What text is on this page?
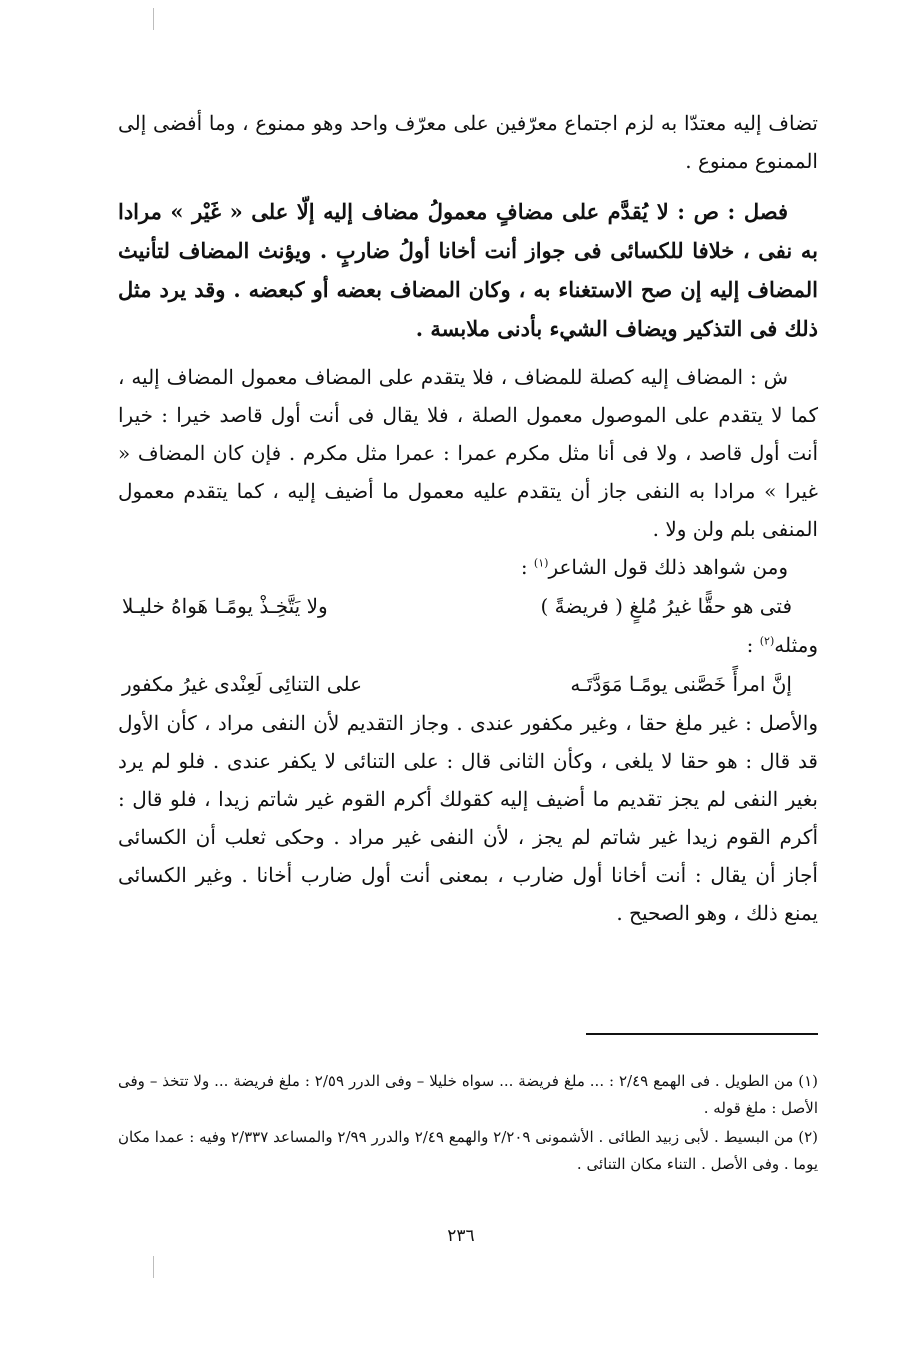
تضاف إليه معتدّا به لزم اجتماع معرّفين على معرّف واحد وهو ممنوع ، وما أفضى إلى الممنوع ممنوع .

فصل : ص : لا يُقدَّم على مضافٍ معمولُ مضاف إليه إلّا على « غَيْر » مرادا به نفى ، خلافا للكسائى فى جواز أنت أخانا أولُ ضاربٍ . ويؤنث المضاف لتأنيث المضاف إليه إن صح الاستغناء به ، وكان المضاف بعضه أو كبعضه . وقد يرد مثل ذلك فى التذكير ويضاف الشيء بأدنى ملابسة .

ش : المضاف إليه كصلة للمضاف ، فلا يتقدم على المضاف معمول المضاف إليه ، كما لا يتقدم على الموصول معمول الصلة ، فلا يقال فى أنت أول قاصد خيرا : خيرا أنت أول قاصد ، ولا فى أنا مثل مكرم عمرا : عمرا مثل مكرم . فإن كان المضاف « غيرا » مرادا به النفى جاز أن يتقدم عليه معمول ما أضيف إليه ، كما يتقدم معمول المنفى بلم ولن ولا .

ومن شواهد ذلك قول الشاعر$^{(١)}$ :

فتى هو حقًّا غيرُ مُلغٍ ( فريضةً )
ولا يَتَّخِـذْ يومًـا هَواهُ خليـلا

ومثله$^{(٢)}$ :

إنَّ امرأً خَصَّنى يومًـا مَوَدَّتَـه
على التنائِى لَعِنْدى غيرُ مكفور

والأصل : غير ملغ حقا ، وغير مكفور عندى . وجاز التقديم لأن النفى مراد ، كأن الأول قد قال : هو حقا لا يلغى ، وكأن الثانى قال : على التنائى لا يكفر عندى . فلو لم يرد بغير النفى لم يجز تقديم ما أضيف إليه كقولك أكرم القوم غير شاتم زيدا ، فلو قال : أكرم القوم زيدا غير شاتم لم يجز ، لأن النفى غير مراد . وحكى ثعلب أن الكسائى أجاز أن يقال : أنت أخانا أول ضارب ، بمعنى أنت أول ضارب أخانا . وغير الكسائى يمنع ذلك ، وهو الصحيح .

(١) من الطويل . فى الهمع ٢/٤٩ : ... ملغ فريضة ... سواه خليلا – وفى الدرر ٢/٥٩ : ملغ فريضة ... ولا تتخذ – وفى الأصل : ملغ قوله .

(٢) من البسيط . لأبى زبيد الطائى . الأشمونى ٢/٢٠٩ والهمع ٢/٤٩ والدرر ٢/٩٩ والمساعد ٢/٣٣٧ وفيه : عمدا مكان يوما . وفى الأصل . التناء مكان التنائى .

٢٣٦
